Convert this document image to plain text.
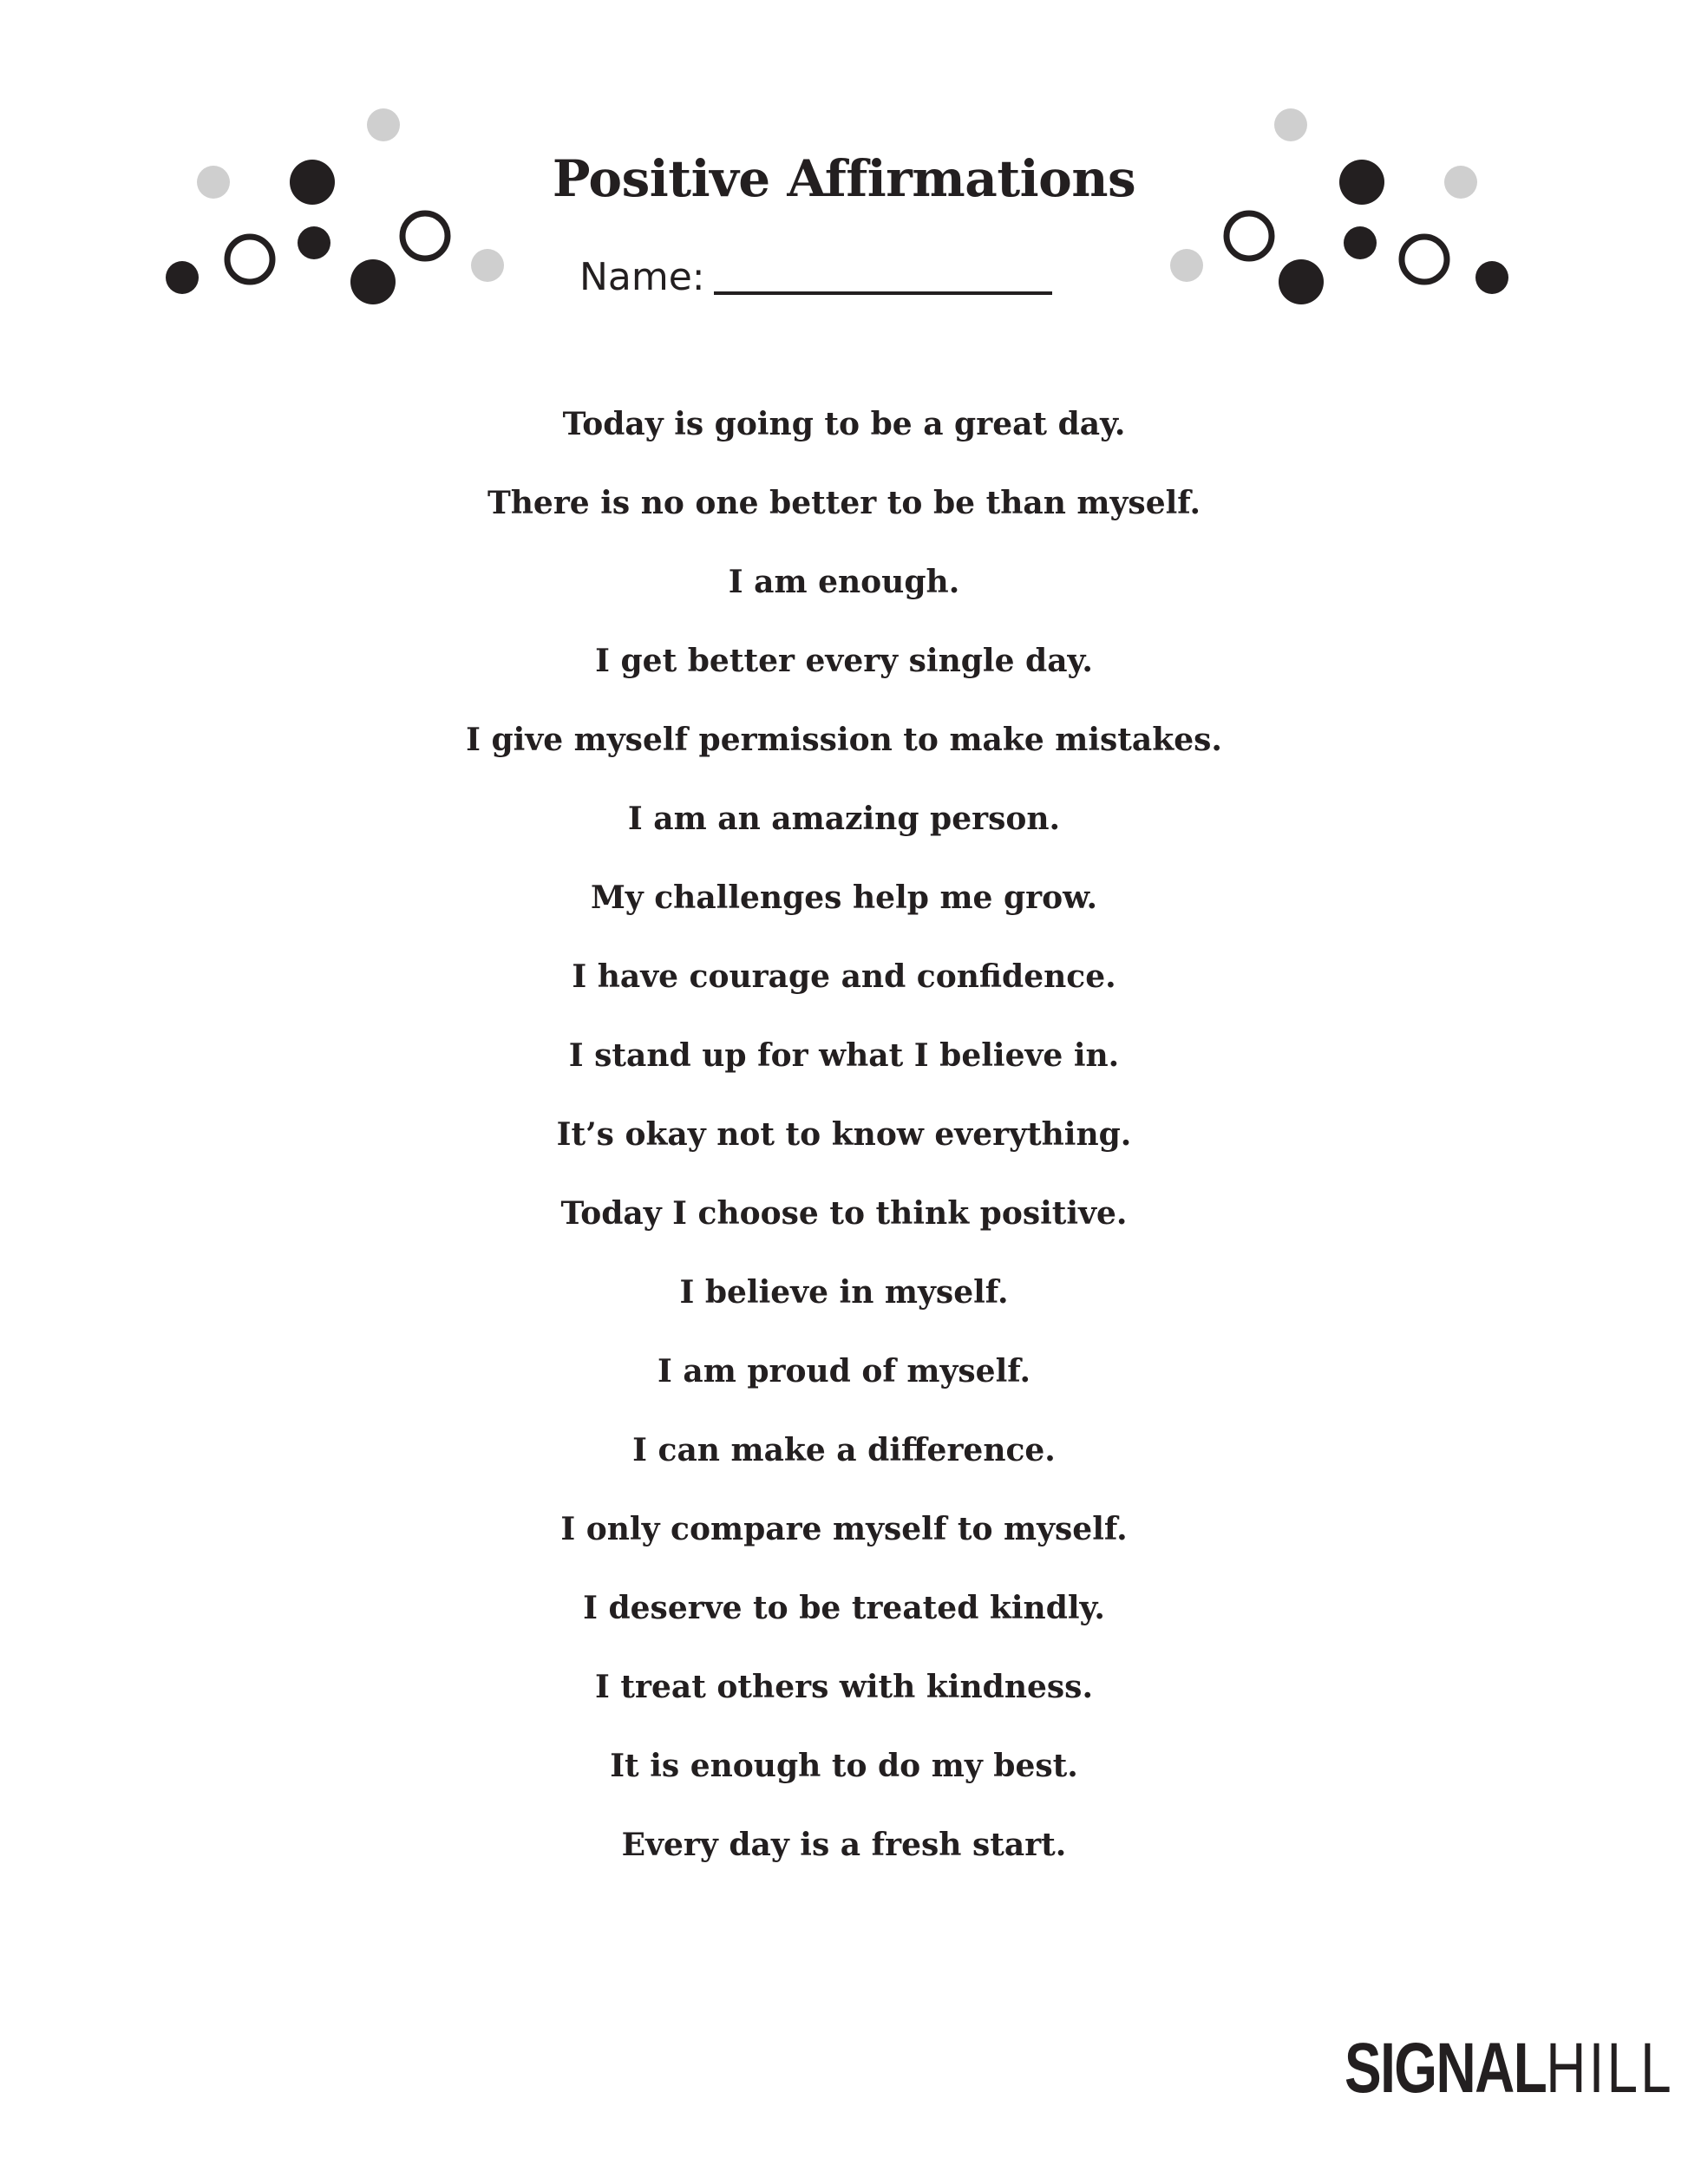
Positive Affirmations
Name:
Today is going to be a great day.
There is no one better to be than myself.
I am enough.
I get better every single day.
I give myself permission to make mistakes.
I am an amazing person.
My challenges help me grow.
I have courage and confidence.
I stand up for what I believe in.
It’s okay not to know everything.
Today I choose to think positive.
I believe in myself.
I am proud of myself.
I can make a difference.
I only compare myself to myself.
I deserve to be treated kindly.
I treat others with kindness.
It is enough to do my best.
Every day is a fresh start.
SIGNAL HILL
